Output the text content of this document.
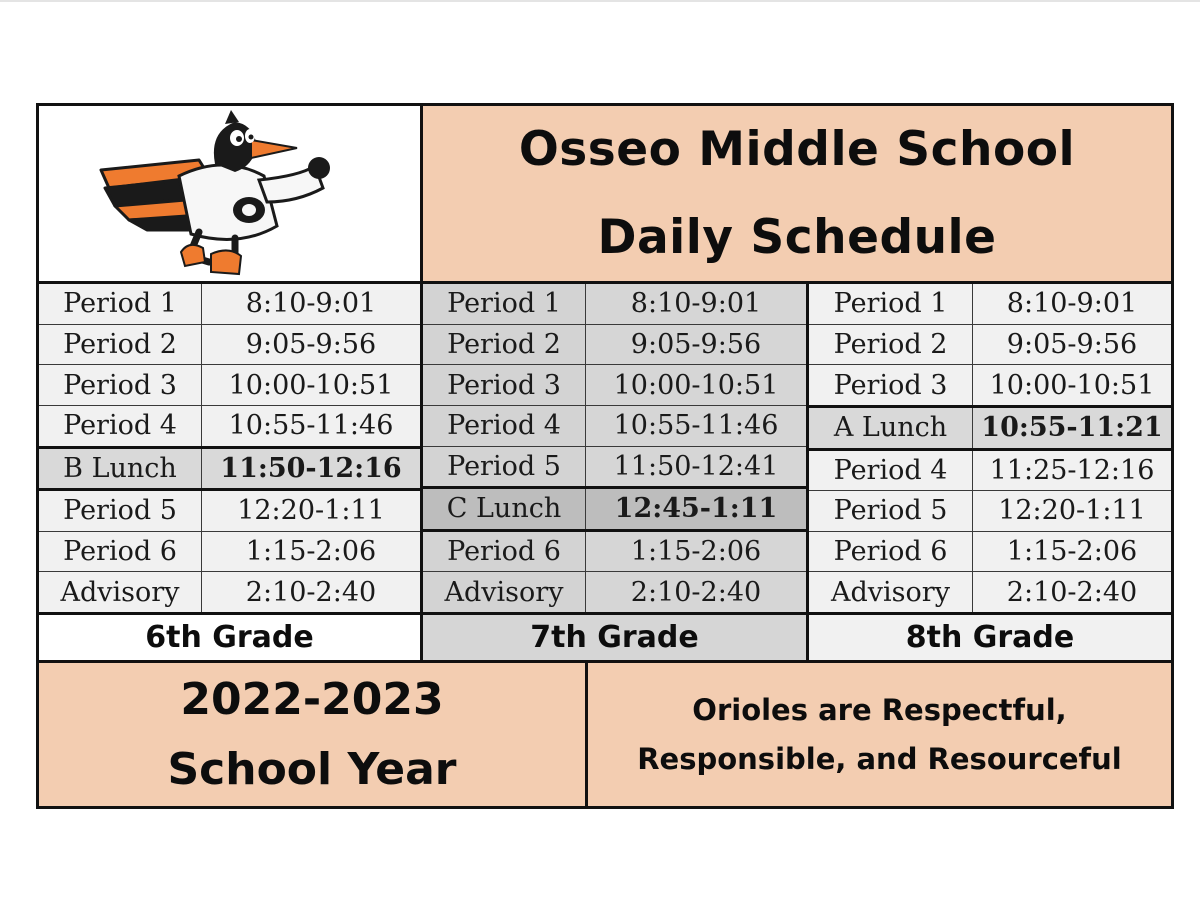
Osseo Middle School
Daily Schedule
Period 1	8:10-9:01
Period 2	9:05-9:56
Period 3	10:00-10:51
Period 4	10:55-11:46
B Lunch	11:50-12:16
Period 5	12:20-1:11
Period 6	1:15-2:06
Advisory	2:10-2:40
6th Grade
Period 1	8:10-9:01
Period 2	9:05-9:56
Period 3	10:00-10:51
Period 4	10:55-11:46
Period 5	11:50-12:41
C Lunch	12:45-1:11
Period 6	1:15-2:06
Advisory	2:10-2:40
7th Grade
Period 1	8:10-9:01
Period 2	9:05-9:56
Period 3	10:00-10:51
A Lunch	10:55-11:21
Period 4	11:25-12:16
Period 5	12:20-1:11
Period 6	1:15-2:06
Advisory	2:10-2:40
8th Grade
2022-2023
School Year
Orioles are Respectful,
Responsible, and Resourceful
